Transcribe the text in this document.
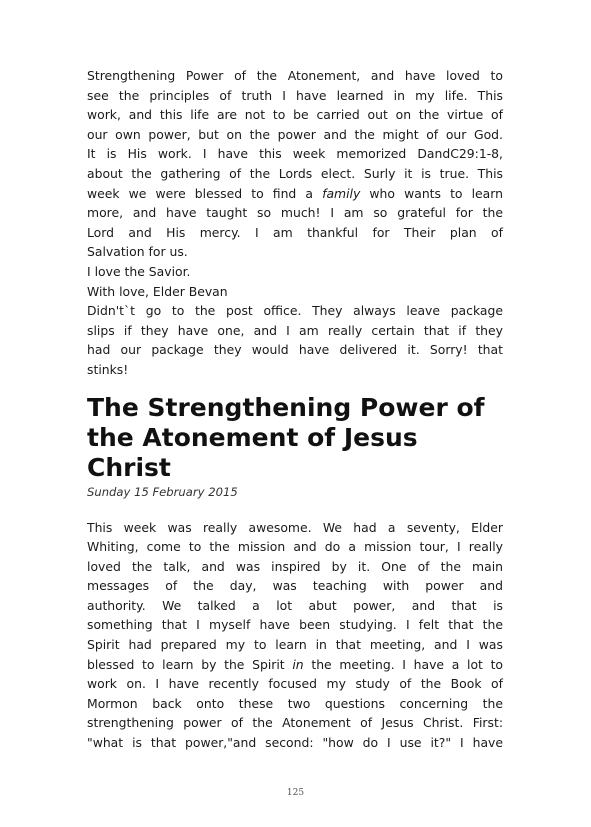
Strengthening Power of the Atonement, and have loved to
see the principles of truth I have learned in my life. This
work, and this life are not to be carried out on the virtue of
our own power, but on the power and the might of our God.
It is His work. I have this week memorized DandC29:1-8,
about the gathering of the Lords elect. Surly it is true. This
week we were blessed to find a family who wants to learn
more, and have taught so much! I am so grateful for the
Lord and His mercy. I am thankful for Their plan of
Salvation for us.
I love the Savior.
With love, Elder Bevan
Didn't`t go to the post office. They always leave package
slips if they have one, and I am really certain that if they
had our package they would have delivered it. Sorry! that
stinks!
The Strengthening Power of
the Atonement of Jesus
Christ
Sunday 15 February 2015
This week was really awesome. We had a seventy, Elder
Whiting, come to the mission and do a mission tour, I really
loved the talk, and was inspired by it. One of the main
messages of the day, was teaching with power and
authority. We talked a lot abut power, and that is
something that I myself have been studying. I felt that the
Spirit had prepared my to learn in that meeting, and I was
blessed to learn by the Spirit in the meeting. I have a lot to
work on. I have recently focused my study of the Book of
Mormon back onto these two questions concerning the
strengthening power of the Atonement of Jesus Christ. First:
"what is that power,"and second: "how do I use it?" I have
125
